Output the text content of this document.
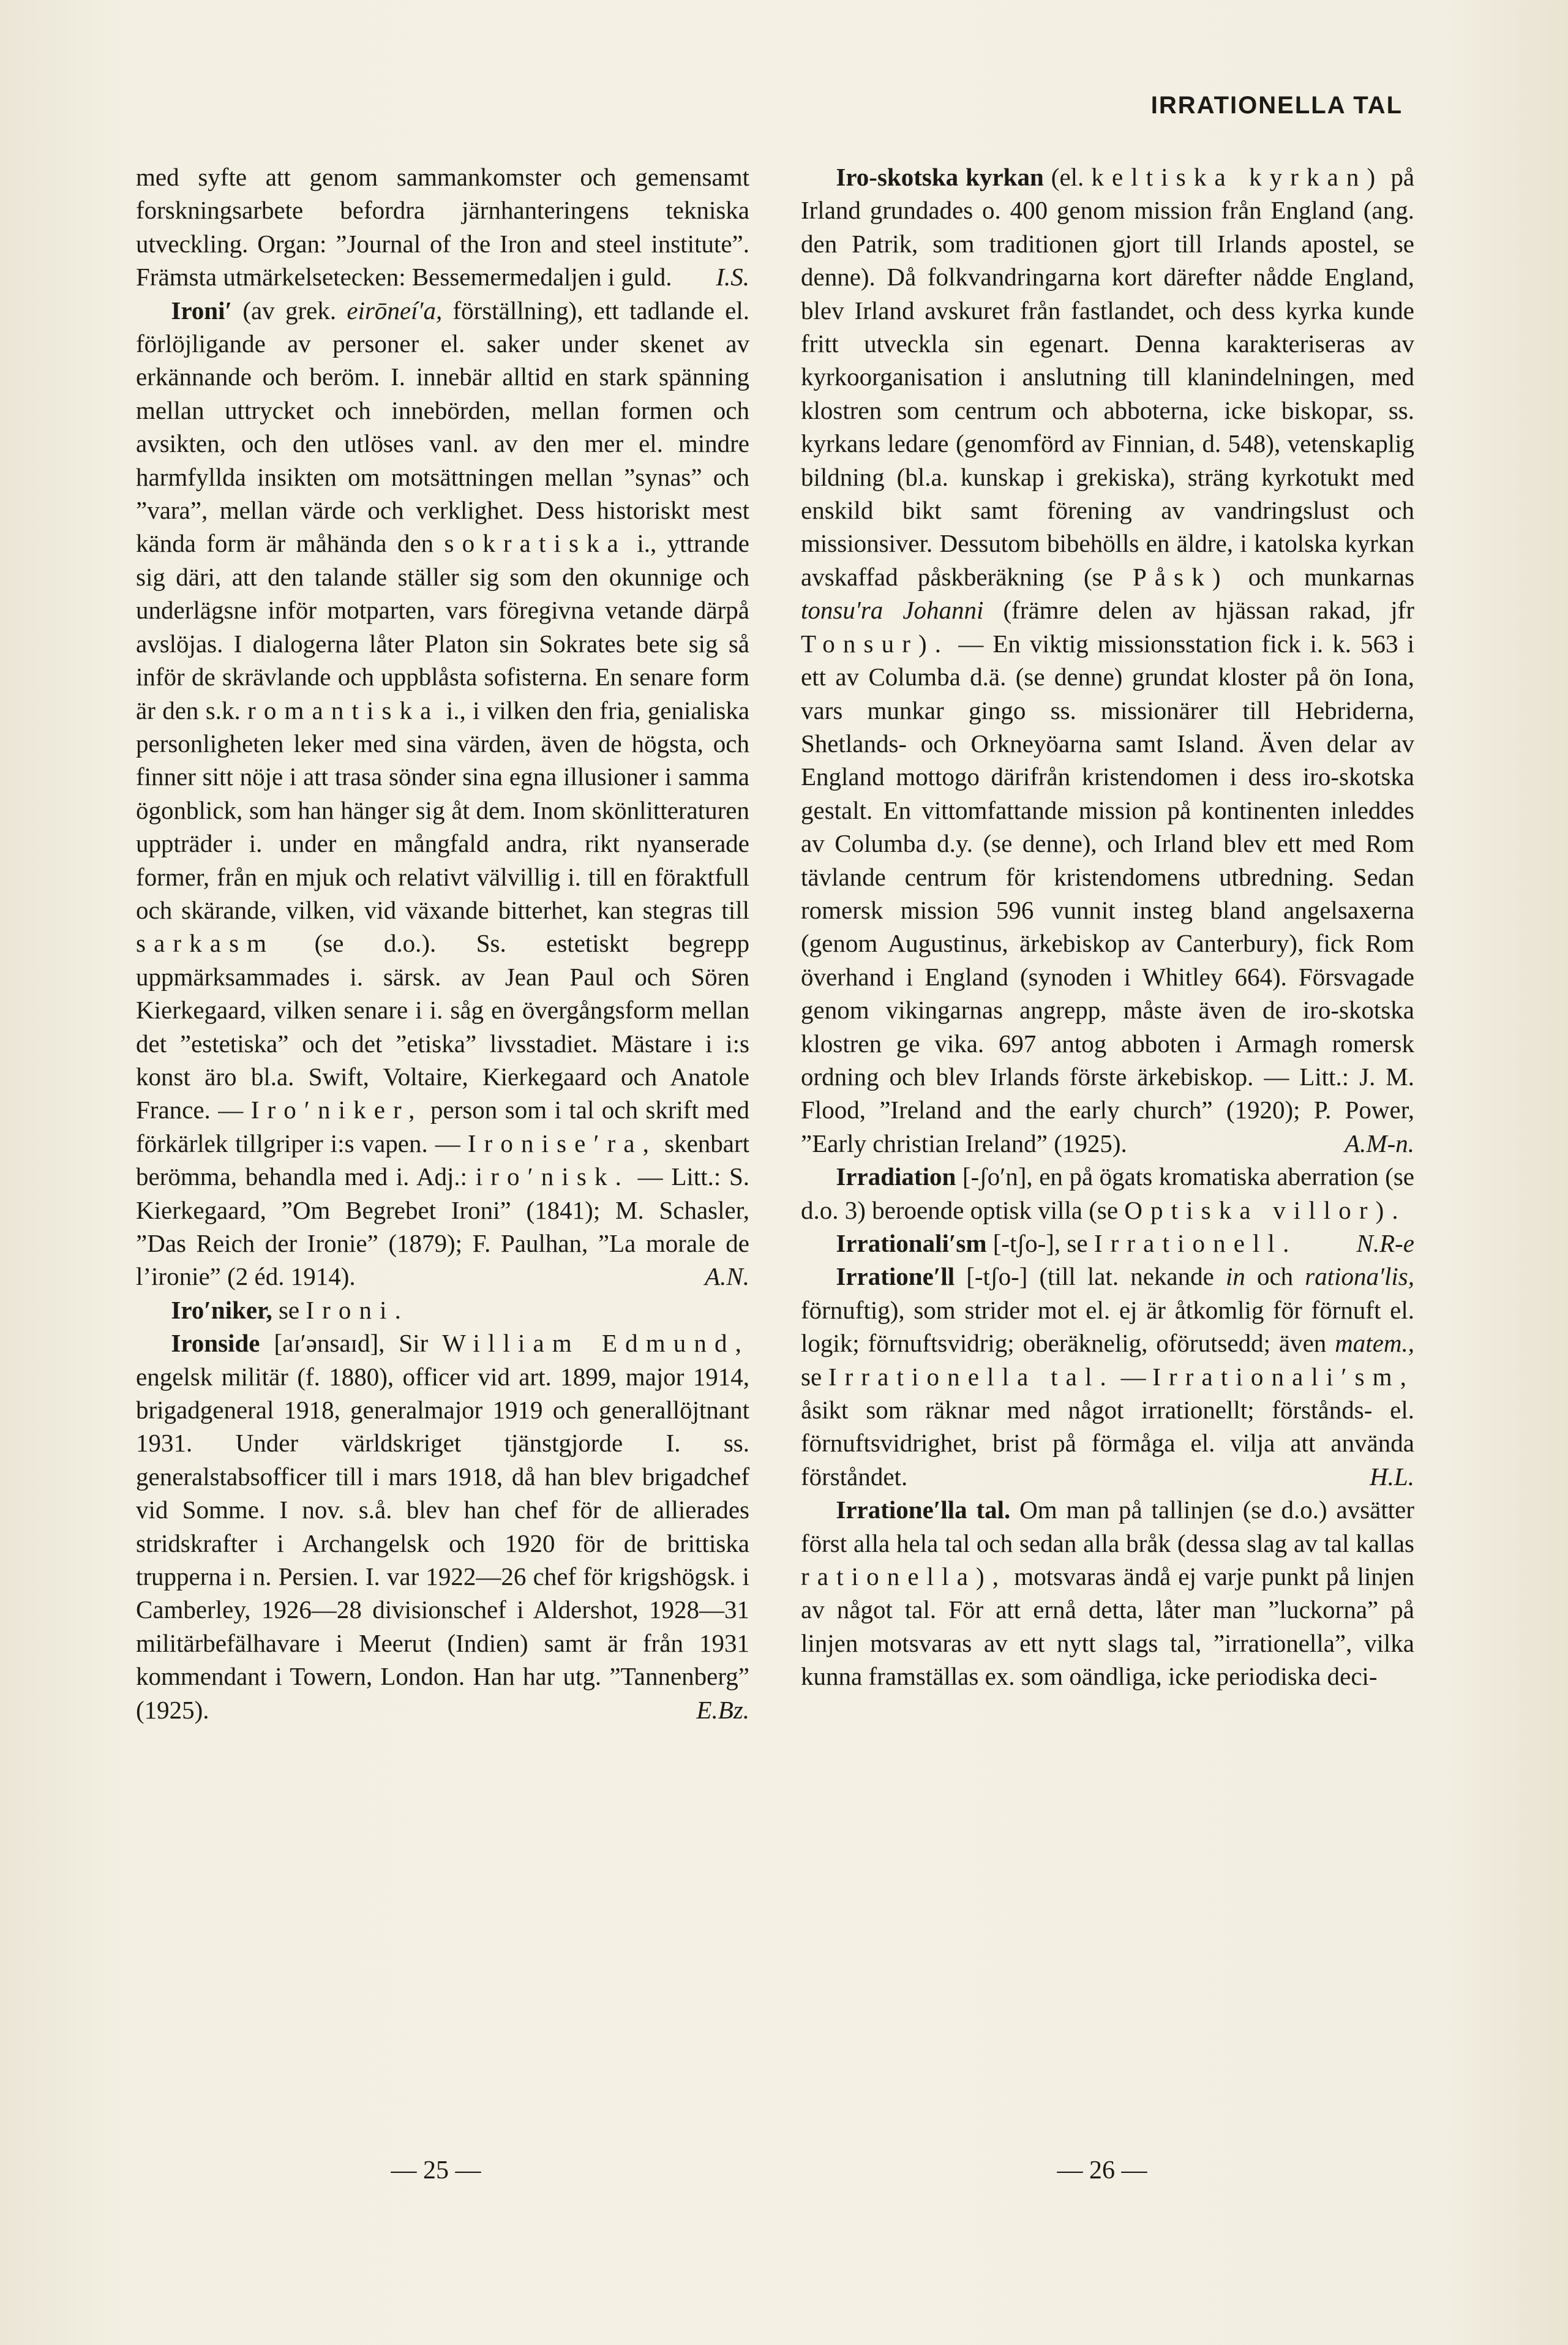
IRRATIONELLA TAL

med syfte att genom sammankomster och gemensamt forskningsarbete befordra järnhanteringens tekniska utveckling. Organ: ”Journal of the Iron and steel institute”. Främsta utmärkelsetecken: Bessemermedaljen i guld. I.S.

Ironi′ (av grek. eirōneí′a, förställning), ett tadlande el. förlöjligande av personer el. saker under skenet av erkännande och beröm. I. innebär alltid en stark spänning mellan uttrycket och innebörden, mellan formen och avsikten, och den utlöses vanl. av den mer el. mindre harmfyllda insikten om motsättningen mellan ”synas” och ”vara”, mellan värde och verklighet. Dess historiskt mest kända form är måhända den sokratiska i., yttrande sig däri, att den talande ställer sig som den okunnige och underlägsne inför motparten, vars föregivna vetande därpå avslöjas. I dialogerna låter Platon sin Sokrates bete sig så inför de skrävlande och uppblåsta sofisterna. En senare form är den s.k. romantiska i., i vilken den fria, genialiska personligheten leker med sina värden, även de högsta, och finner sitt nöje i att trasa sönder sina egna illusioner i samma ögonblick, som han hänger sig åt dem. Inom skönlitteraturen uppträder i. under en mångfald andra, rikt nyanserade former, från en mjuk och relativt välvillig i. till en föraktfull och skärande, vilken, vid växande bitterhet, kan stegras till sarkasm (se d.o.). Ss. estetiskt begrepp uppmärksammades i. särsk. av Jean Paul och Sören Kierkegaard, vilken senare i i. såg en övergångsform mellan det ”estetiska” och det ”etiska” livsstadiet. Mästare i i:s konst äro bl.a. Swift, Voltaire, Kierkegaard och Anatole France. — Iro′niker, person som i tal och skrift med förkärlek tillgriper i:s vapen. — Ironise′ra, skenbart berömma, behandla med i. Adj.: iro′nisk. — Litt.: S. Kierkegaard, ”Om Begrebet Ironi” (1841); M. Schasler, ”Das Reich der Ironie” (1879); F. Paulhan, ”La morale de l’ironie” (2 éd. 1914).	A.N.

Iro′niker, se Ironi.

Ironside [aɪ′ənsaɪd], Sir William Edmund, engelsk militär (f. 1880), officer vid art. 1899, major 1914, brigadgeneral 1918, generalmajor 1919 och generallöjtnant 1931. Under världskriget tjänstgjorde I. ss. generalstabsofficer till i mars 1918, då han blev brigadchef vid Somme. I nov. s.å. blev han chef för de allierades stridskrafter i Archangelsk och 1920 för de brittiska trupperna i n. Persien. I. var 1922—26 chef för krigshögsk. i Camberley, 1926—28 divisionschef i Aldershot, 1928—31 militärbefälhavare i Meerut (Indien) samt är från 1931 kommendant i Towern, London. Han har utg. ”Tannenberg” (1925).	E.Bz.

Iro-skotska kyrkan (el. keltiska kyrkan) på Irland grundades o. 400 genom mission från England (ang. den Patrik, som traditionen gjort till Irlands apostel, se denne). Då folkvandringarna kort därefter nådde England, blev Irland avskuret från fastlandet, och dess kyrka kunde fritt utveckla sin egenart. Denna karakteriseras av kyrkoorganisation i anslutning till klanindelningen, med klostren som centrum och abboterna, icke biskopar, ss. kyrkans ledare (genomförd av Finnian, d. 548), vetenskaplig bildning (bl.a. kunskap i grekiska), sträng kyrkotukt med enskild bikt samt förening av vandringslust och missionsiver. Dessutom bibehölls en äldre, i katolska kyrkan avskaffad påskberäkning (se Påsk) och munkarnas tonsu′ra Johanni (främre delen av hjässan rakad, jfr Tonsur). — En viktig missionsstation fick i. k. 563 i ett av Columba d.ä. (se denne) grundat kloster på ön Iona, vars munkar gingo ss. missionärer till Hebriderna, Shetlands- och Orkneyöarna samt Island. Även delar av England mottogo därifrån kristendomen i dess iro-skotska gestalt. En vittomfattande mission på kontinenten inleddes av Columba d.y. (se denne), och Irland blev ett med Rom tävlande centrum för kristendomens utbredning. Sedan romersk mission 596 vunnit insteg bland angelsaxerna (genom Augustinus, ärkebiskop av Canterbury), fick Rom överhand i England (synoden i Whitley 664). Försvagade genom vikingarnas angrepp, måste även de iro-skotska klostren ge vika. 697 antog abboten i Armagh romersk ordning och blev Irlands förste ärkebiskop. — Litt.: J. M. Flood, ”Ireland and the early church” (1920); P. Power, ”Early christian Ireland” (1925).	A.M-n.

Irradiation [-ʃo′n], en på ögats kromatiska aberration (se d.o. 3) beroende optisk villa (se Optiska villor).
N.R-e

Irrationali′sm [-tʃo-], se Irrationell.

Irratione′ll [-tʃo-] (till lat. nekande in och rationa′lis, förnuftig), som strider mot el. ej är åtkomlig för förnuft el. logik; förnuftsvidrig; oberäknelig, oförutsedd; även matem., se Irrationella tal. — Irrationali′sm, åsikt som räknar med något irrationellt; förstånds- el. förnuftsvidrighet, brist på förmåga el. vilja att använda förståndet.	H.L.

Irratione′lla tal. Om man på tallinjen (se d.o.) avsätter först alla hela tal och sedan alla bråk (dessa slag av tal kallas rationella), motsvaras ändå ej varje punkt på linjen av något tal. För att ernå detta, låter man ”luckorna” på linjen motsvaras av ett nytt slags tal, ”irrationella”, vilka kunna framställas ex. som oändliga, icke periodiska deci-

— 25 —	— 26 —
